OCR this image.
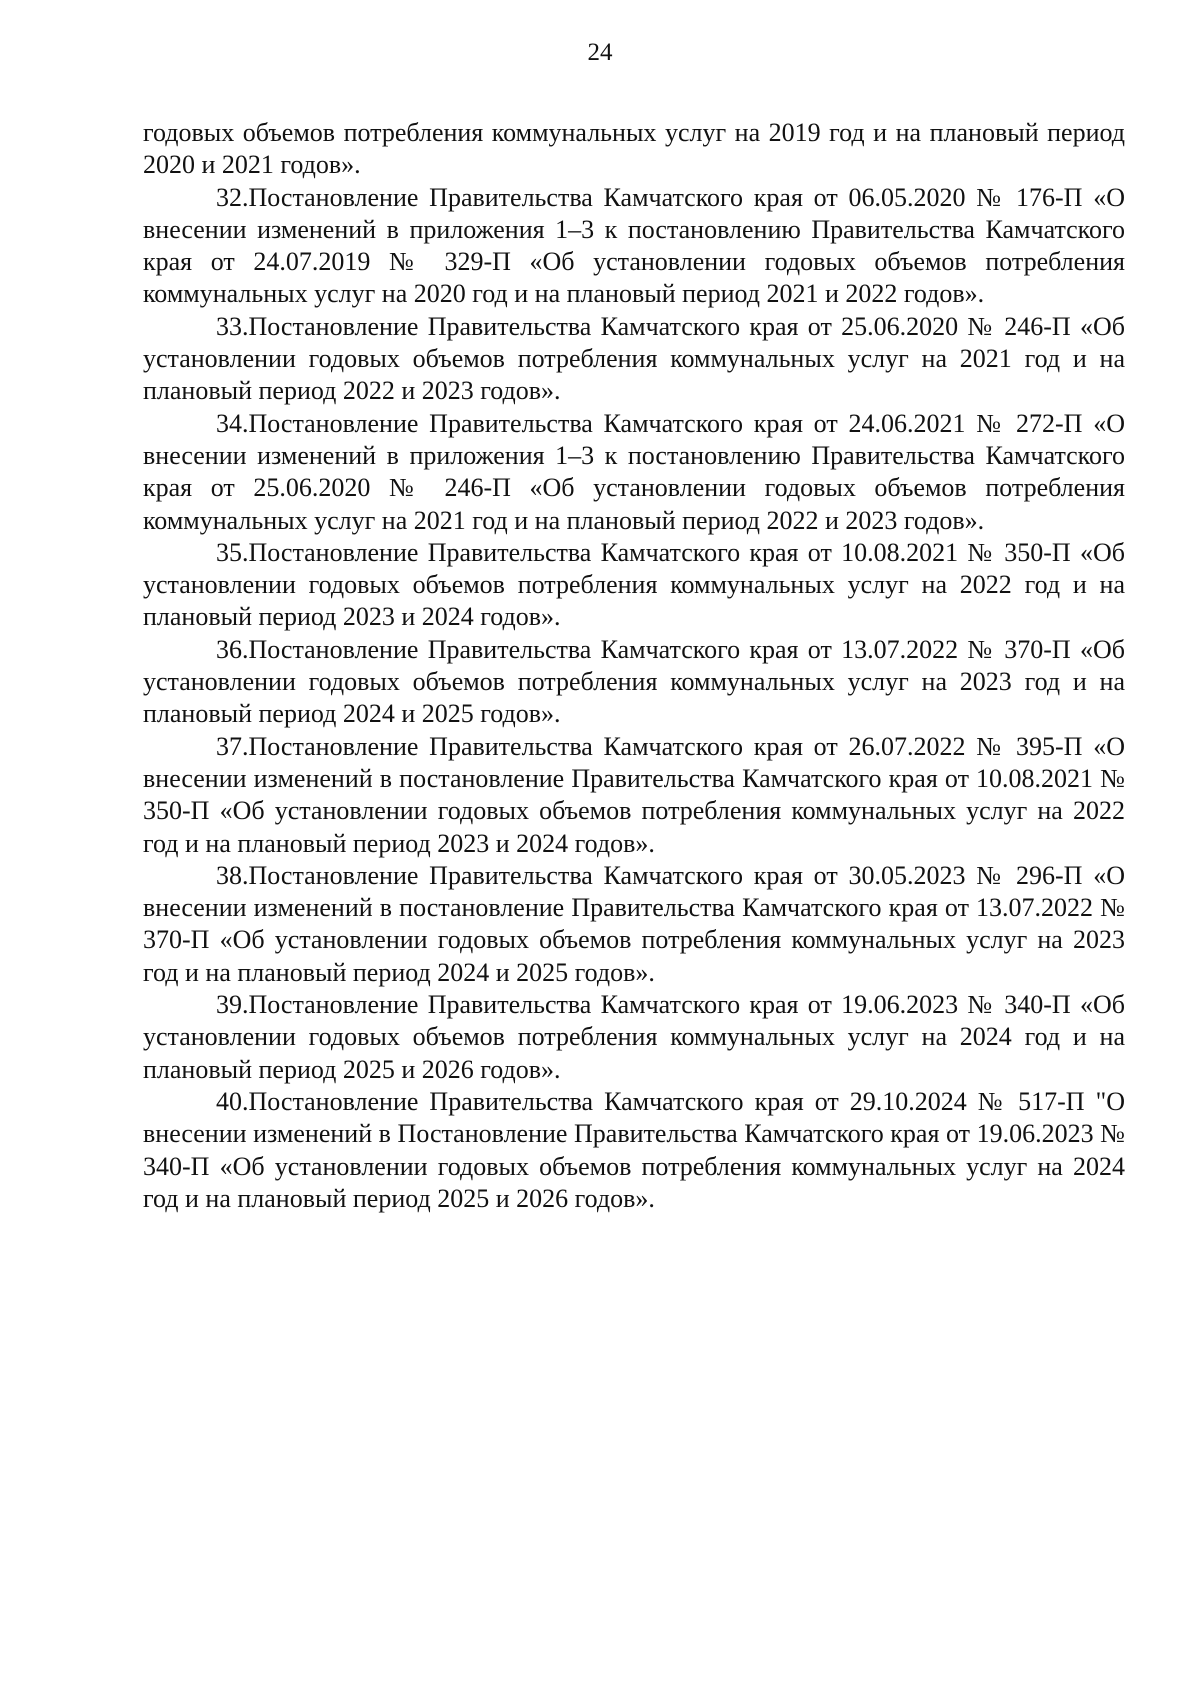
24

годовых объемов потребления коммунальных услуг на 2019 год и на плановый период 2020 и 2021 годов».

32.Постановление Правительства Камчатского края от 06.05.2020 № 176-П «О внесении изменений в приложения 1–3 к постановлению Правительства Камчатского края от 24.07.2019 № 329-П «Об установлении годовых объемов потребления коммунальных услуг на 2020 год и на плановый период 2021 и 2022 годов».

33.Постановление Правительства Камчатского края от 25.06.2020 № 246-П «Об установлении годовых объемов потребления коммунальных услуг на 2021 год и на плановый период 2022 и 2023 годов».

34.Постановление Правительства Камчатского края от 24.06.2021 № 272-П «О внесении изменений в приложения 1–3 к постановлению Правительства Камчатского края от 25.06.2020 № 246-П «Об установлении годовых объемов потребления коммунальных услуг на 2021 год и на плановый период 2022 и 2023 годов».

35.Постановление Правительства Камчатского края от 10.08.2021 № 350-П «Об установлении годовых объемов потребления коммунальных услуг на 2022 год и на плановый период 2023 и 2024 годов».

36.Постановление Правительства Камчатского края от 13.07.2022 № 370-П «Об установлении годовых объемов потребления коммунальных услуг на 2023 год и на плановый период 2024 и 2025 годов».

37.Постановление Правительства Камчатского края от 26.07.2022 № 395-П «О внесении изменений в постановление Правительства Камчатского края от 10.08.2021 № 350-П «Об установлении годовых объемов потребления коммунальных услуг на 2022 год и на плановый период 2023 и 2024 годов».

38.Постановление Правительства Камчатского края от 30.05.2023 № 296-П «О внесении изменений в постановление Правительства Камчатского края от 13.07.2022 № 370-П «Об установлении годовых объемов потребления коммунальных услуг на 2023 год и на плановый период 2024 и 2025 годов».

39.Постановление Правительства Камчатского края от 19.06.2023 № 340-П «Об установлении годовых объемов потребления коммунальных услуг на 2024 год и на плановый период 2025 и 2026 годов».

40.Постановление Правительства Камчатского края от 29.10.2024 № 517-П "О внесении изменений в Постановление Правительства Камчатского края от 19.06.2023 № 340-П «Об установлении годовых объемов потребления коммунальных услуг на 2024 год и на плановый период 2025 и 2026 годов».
